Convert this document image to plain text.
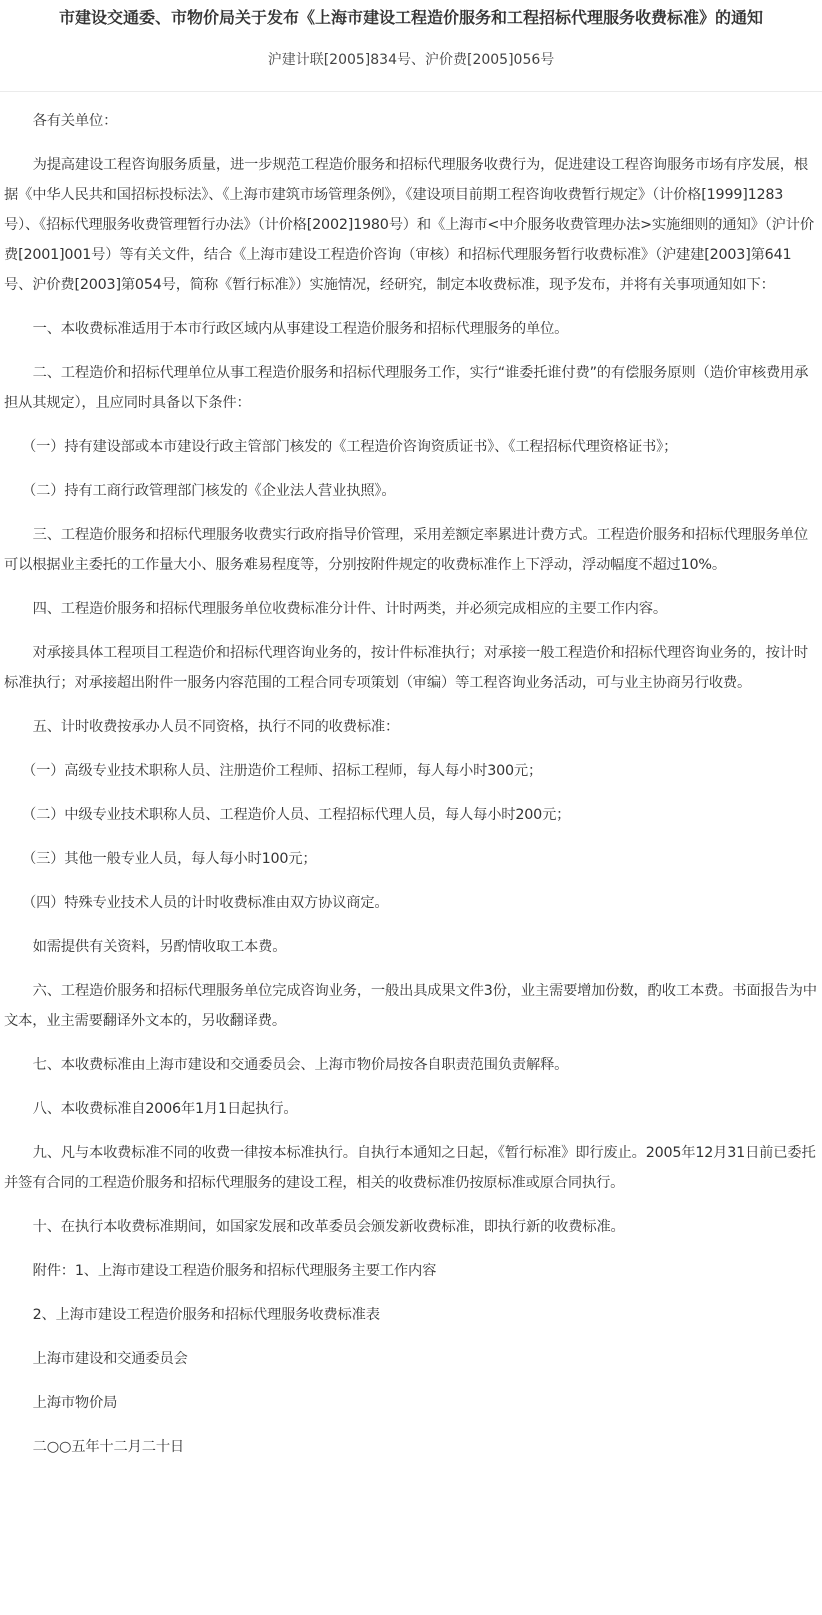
市建设交通委、市物价局关于发布《上海市建设工程造价服务和工程招标代理服务收费标准》的通知
沪建计联[2005]834号、沪价费[2005]056号

各有关单位：

为提高建设工程咨询服务质量，进一步规范工程造价服务和招标代理服务收费行为，促进建设工程咨询服务市场有序发展，根据《中华人民共和国招标投标法》、《上海市建筑市场管理条例》，《建设项目前期工程咨询收费暂行规定》（计价格[1999]1283号）、《招标代理服务收费管理暂行办法》（计价格[2002]1980号）和《上海市<中介服务收费管理办法>实施细则的通知》（沪计价费[2001]001号）等有关文件，结合《上海市建设工程造价咨询（审核）和招标代理服务暂行收费标准》（沪建建[2003]第641号、沪价费[2003]第054号，简称《暂行标准》）实施情况，经研究，制定本收费标准，现予发布，并将有关事项通知如下：

一、本收费标准适用于本市行政区域内从事建设工程造价服务和招标代理服务的单位。

二、工程造价和招标代理单位从事工程造价服务和招标代理服务工作，实行“谁委托谁付费”的有偿服务原则（造价审核费用承担从其规定），且应同时具备以下条件：

（一）持有建设部或本市建设行政主管部门核发的《工程造价咨询资质证书》、《工程招标代理资格证书》；

（二）持有工商行政管理部门核发的《企业法人营业执照》。

三、工程造价服务和招标代理服务收费实行政府指导价管理，采用差额定率累进计费方式。工程造价服务和招标代理服务单位可以根据业主委托的工作量大小、服务难易程度等，分别按附件规定的收费标准作上下浮动，浮动幅度不超过10%。

四、工程造价服务和招标代理服务单位收费标准分计件、计时两类，并必须完成相应的主要工作内容。

对承接具体工程项目工程造价和招标代理咨询业务的，按计件标准执行；对承接一般工程造价和招标代理咨询业务的，按计时标准执行；对承接超出附件一服务内容范围的工程合同专项策划（审编）等工程咨询业务活动，可与业主协商另行收费。

五、计时收费按承办人员不同资格，执行不同的收费标准：

（一）高级专业技术职称人员、注册造价工程师、招标工程师，每人每小时300元；

（二）中级专业技术职称人员、工程造价人员、工程招标代理人员，每人每小时200元；

（三）其他一般专业人员，每人每小时100元；

（四）特殊专业技术人员的计时收费标准由双方协议商定。

如需提供有关资料，另酌情收取工本费。

六、工程造价服务和招标代理服务单位完成咨询业务，一般出具成果文件3份，业主需要增加份数，酌收工本费。书面报告为中文本，业主需要翻译外文本的，另收翻译费。

七、本收费标准由上海市建设和交通委员会、上海市物价局按各自职责范围负责解释。

八、本收费标准自2006年1月1日起执行。

九、凡与本收费标准不同的收费一律按本标准执行。自执行本通知之日起，《暂行标准》即行废止。2005年12月31日前已委托并签有合同的工程造价服务和招标代理服务的建设工程，相关的收费标准仍按原标准或原合同执行。

十、在执行本收费标准期间，如国家发展和改革委员会颁发新收费标准，即执行新的收费标准。

附件：1、上海市建设工程造价服务和招标代理服务主要工作内容

2、上海市建设工程造价服务和招标代理服务收费标准表

上海市建设和交通委员会

上海市物价局

二○○五年十二月二十日
